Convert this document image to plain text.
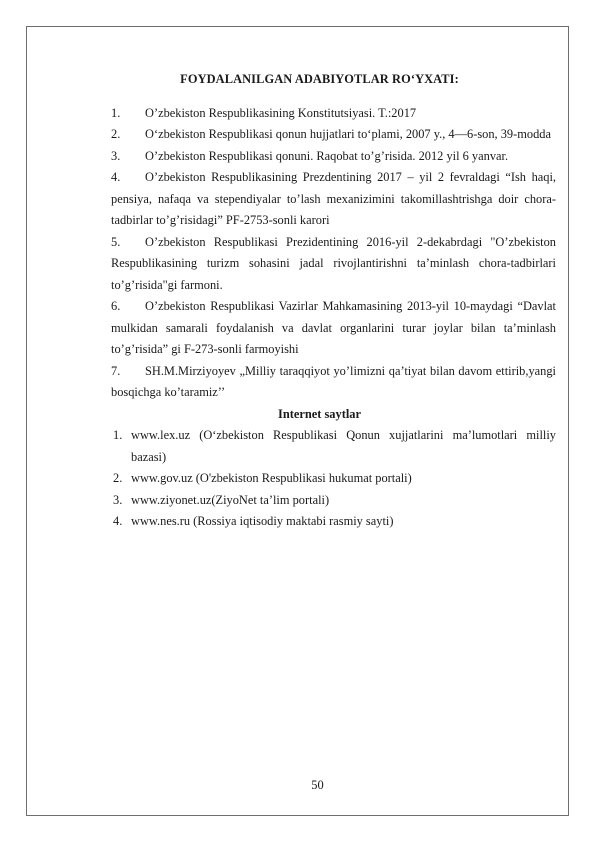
FOYDALANILGAN ADABIYOTLAR RO‘YXATI:
1. O’zbekiston Respublikasining Konstitutsiyasi. T.:2017
2. O‘zbekiston Respublikasi qonun hujjatlari to‘plami, 2007 y., 4—6-son, 39-modda
3. O’zbekiston Respublikasi qonuni. Raqobat to’g’risida. 2012 yil 6 yanvar.
4. O’zbekiston Respublikasining Prezdentining 2017 – yil 2 fevraldagi “Ish haqi, pensiya, nafaqa va stependiyalar to’lash mexanizimini takomillashtrishga doir chora-tadbirlar to’g’risidagi” PF-2753-sonli karori
5. O’zbekiston Respublikasi Prezidentining 2016-yil 2-dekabrdagi "O’zbekiston Respublikasining turizm sohasini jadal rivojlantirishni ta’minlash chora-tadbirlari to’g’risida"gi farmoni.
6. O’zbekiston Respublikasi Vazirlar Mahkamasining 2013-yil 10-maydagi “Davlat mulkidan samarali foydalanish va davlat organlarini turar joylar bilan ta’minlash to’g’risida” gi F-273-sonli farmoyishi
7. SH.M.Mirziyoyev „Milliy taraqqiyot yo’limizni qa’tiyat bilan davom ettirib,yangi bosqichga ko’taramiz’’
Internet saytlar
1. www.lex.uz (O‘zbekiston Respublikasi Qonun xujjatlarini ma’lumotlari milliy bazasi)
2. www.gov.uz (O'zbekiston Respublikasi hukumat portali)
3. www.ziyonet.uz(ZiyoNet ta’lim portali)
4. www.nes.ru (Rossiya iqtisodiy maktabi rasmiy sayti)
50
